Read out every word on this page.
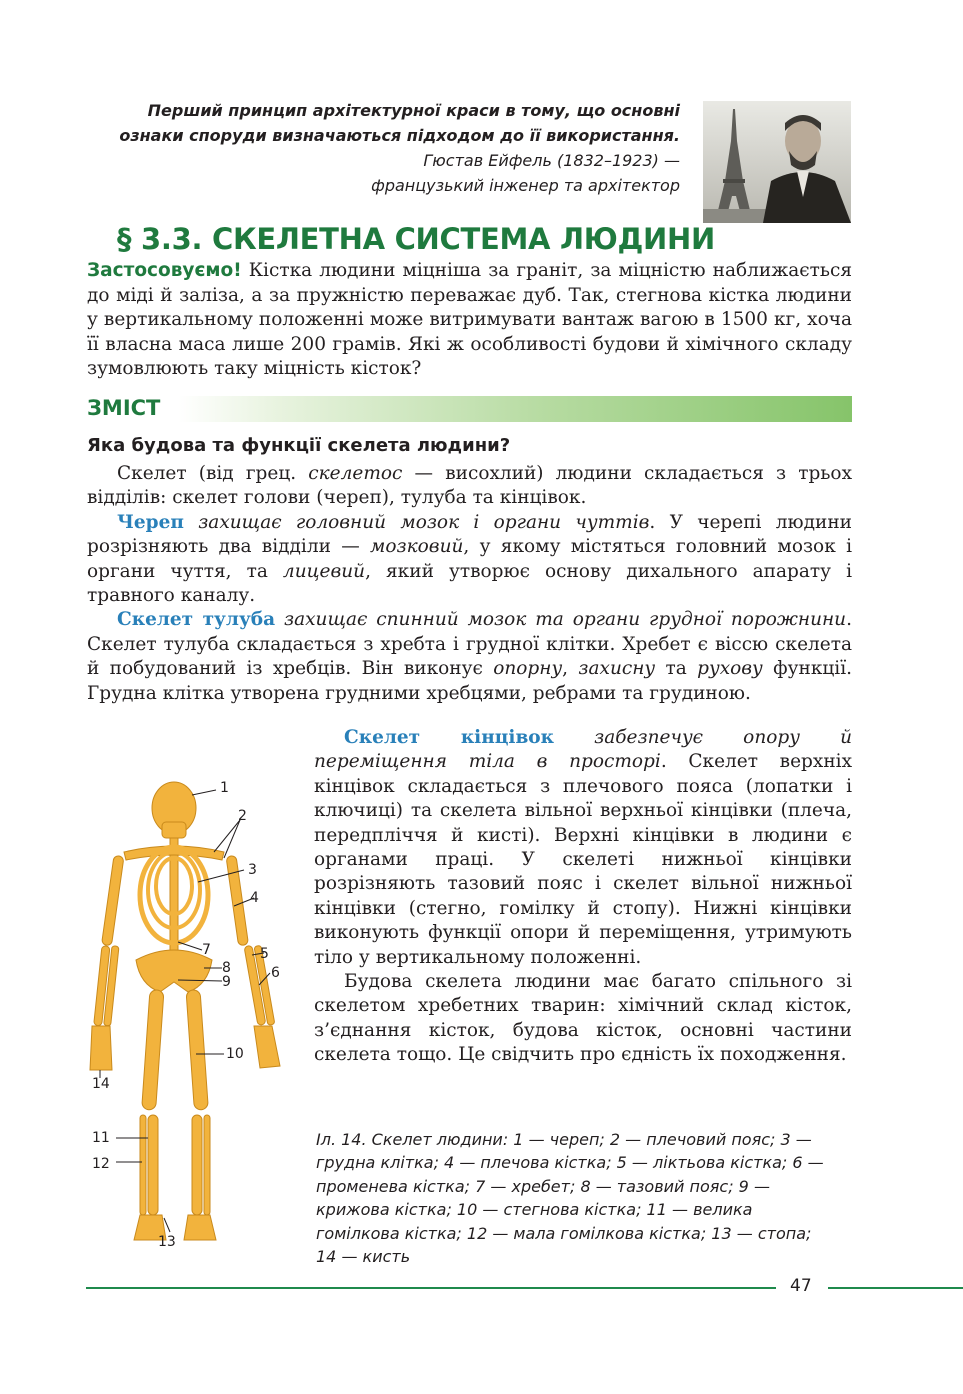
Перший принцип архітектурної краси в тому, що основні
ознаки споруди визначаються підходом до її використання.
Гюстав Ейфель (1832–1923) —
французький інженер та архітектор
§ 3.3. СКЕЛЕТНА СИСТЕМА ЛЮДИНИ
Застосовуємо! Кістка людини міцніша за граніт, за міцністю наближається до міді й заліза, а за пружністю переважає дуб. Так, стегнова кістка людини у вертикальному положенні може витримувати вантаж вагою в 1500 кг, хоча її власна маса лише 200 грамів. Які ж особливості будови й хімічного складу зумовлюють таку міцність кісток?
ЗМІСТ
Яка будова та функції скелета людини?

Скелет (від грец. скелетос — висохлий) людини складається з трьох відділів: скелет голови (череп), тулуба та кінцівок.

Череп захищає головний мозок і органи чуттів. У черепі людини розрізняють два відділи — мозковий, у якому містяться головний мозок і органи чуття, та лицевий, який утворює основу дихального апарату і травного каналу.

Скелет тулуба захищає спинний мозок та органи грудної порожнини. Скелет тулуба складається з хребта і грудної клітки. Хребет є віссю скелета й побудований із хребців. Він виконує опорну, захисну та рухову функції. Грудна клітка утворена грудними хребцями, ребрами та грудиною.

Скелет кінцівок забезпечує опору й переміщення тіла в просторі. Скелет верхніх кінцівок складається з плечового пояса (лопатки і ключиці) та скелета вільної верхньої кінцівки (плеча, передпліччя й кисті). Верхні кінцівки в людини є органами праці. У скелеті нижньої кінцівки розрізняють тазовий пояс і скелет вільної нижньої кінцівки (стегно, гомілку й стопу). Нижні кінцівки виконують функції опори й переміщення, утримують тіло у вертикальному положенні.

Будова скелета людини має багато спільного зі скелетом хребетних тварин: хімічний склад кісток, з’єднання кісток, будова кісток, основні частини скелета тощо. Це свідчить про єдність їх походження.

1
2
3
4
5
6
7
8
9
10
11
12
13
14
Іл. 14. Скелет людини: 1 — череп; 2 — плечовий пояс; 3 — грудна клітка; 4 — плечова кістка; 5 — ліктьова кістка; 6 — променева кістка; 7 — хребет; 8 — тазовий пояс; 9 — крижова кістка; 10 — стегнова кістка; 11 — велика гомілкова кістка; 12 — мала гомілкова кістка; 13 — стопа; 14 — кисть
47
